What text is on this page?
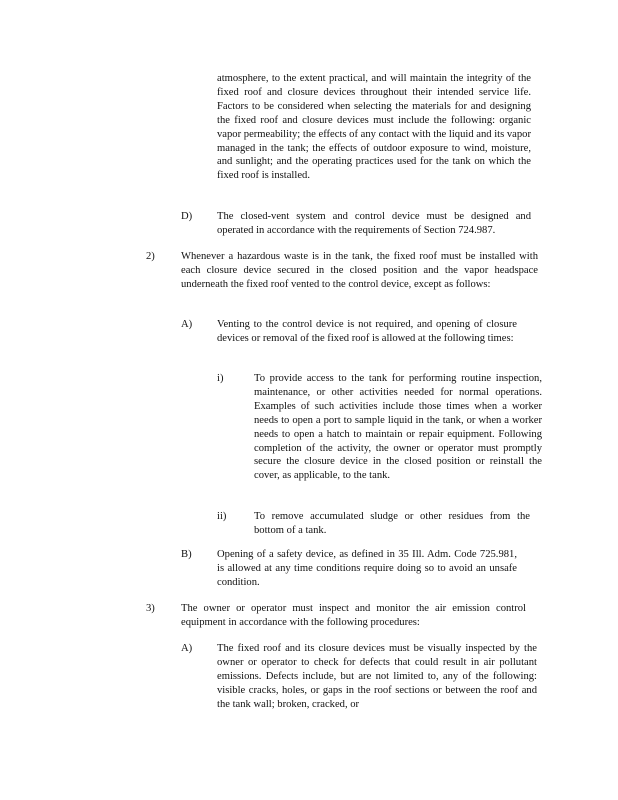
atmosphere, to the extent practical, and will maintain the integrity of the fixed roof and closure devices throughout their intended service life. Factors to be considered when selecting the materials for and designing the fixed roof and closure devices must include the following: organic vapor permeability; the effects of any contact with the liquid and its vapor managed in the tank; the effects of outdoor exposure to wind, moisture, and sunlight; and the operating practices used for the tank on which the fixed roof is installed.
D) The closed-vent system and control device must be designed and operated in accordance with the requirements of Section 724.987.
2) Whenever a hazardous waste is in the tank, the fixed roof must be installed with each closure device secured in the closed position and the vapor headspace underneath the fixed roof vented to the control device, except as follows:
A) Venting to the control device is not required, and opening of closure devices or removal of the fixed roof is allowed at the following times:
i)	To provide access to the tank for performing routine inspection, maintenance, or other activities needed for normal operations. Examples of such activities include those times when a worker needs to open a port to sample liquid in the tank, or when a worker needs to open a hatch to maintain or repair equipment. Following completion of the activity, the owner or operator must promptly secure the closure device in the closed position or reinstall the cover, as applicable, to the tank.
ii)	To remove accumulated sludge or other residues from the bottom of a tank.
B) Opening of a safety device, as defined in 35 Ill. Adm. Code 725.981, is allowed at any time conditions require doing so to avoid an unsafe condition.
3) The owner or operator must inspect and monitor the air emission control equipment in accordance with the following procedures:
A) The fixed roof and its closure devices must be visually inspected by the owner or operator to check for defects that could result in air pollutant emissions. Defects include, but are not limited to, any of the following: visible cracks, holes, or gaps in the roof sections or between the roof and the tank wall; broken, cracked, or
